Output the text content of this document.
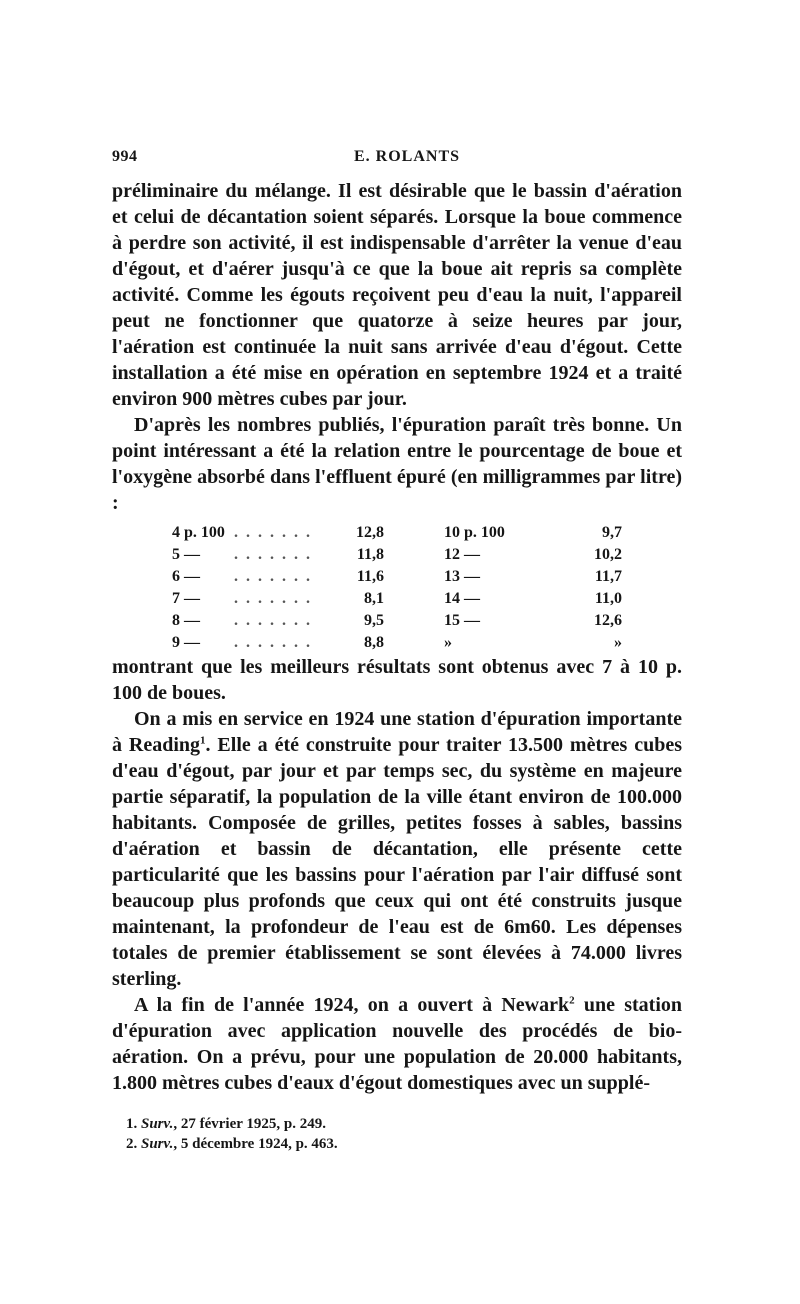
994	E. ROLANTS

préliminaire du mélange. Il est désirable que le bassin d'aération et celui de décantation soient séparés. Lorsque la boue commence à perdre son activité, il est indispensable d'arrêter la venue d'eau d'égout, et d'aérer jusqu'à ce que la boue ait repris sa complète activité. Comme les égouts reçoivent peu d'eau la nuit, l'appareil peut ne fonctionner que quatorze à seize heures par jour, l'aération est continuée la nuit sans arrivée d'eau d'égout. Cette installation a été mise en opération en septembre 1924 et a traité environ 900 mètres cubes par jour.

D'après les nombres publiés, l'épuration paraît très bonne. Un point intéressant a été la relation entre le pourcentage de boue et l'oxygène absorbé dans l'effluent épuré (en milligrammes par litre) :

4 p. 100 . . . . . . .	12,8	10 p. 100	9,7
5 —	. . . . . . .	11,8	12 —	10,2
6 —	. . . . . . .	11,6	13 —	11,7
7 —	. . . . . . .	8,1	14 —	11,0
8 —	. . . . . . .	9,5	15 —	12,6
9 —	. . . . . . .	8,8	»	»

montrant que les meilleurs résultats sont obtenus avec 7 à 10 p. 100 de boues.

On a mis en service en 1924 une station d'épuration importante à Reading$^1$. Elle a été construite pour traiter 13.500 mètres cubes d'eau d'égout, par jour et par temps sec, du système en majeure partie séparatif, la population de la ville étant environ de 100.000 habitants. Composée de grilles, petites fosses à sables, bassins d'aération et bassin de décantation, elle présente cette particularité que les bassins pour l'aération par l'air diffusé sont beaucoup plus profonds que ceux qui ont été construits jusque maintenant, la profondeur de l'eau est de 6m60. Les dépenses totales de premier établissement se sont élevées à 74.000 livres sterling.

A la fin de l'année 1924, on a ouvert à Newark$^2$ une station d'épuration avec application nouvelle des procédés de bio-aération. On a prévu, pour une population de 20.000 habitants, 1.800 mètres cubes d'eaux d'égout domestiques avec un supplé-

1. Surv., 27 février 1925, p. 249.

2. Surv., 5 décembre 1924, p. 463.
